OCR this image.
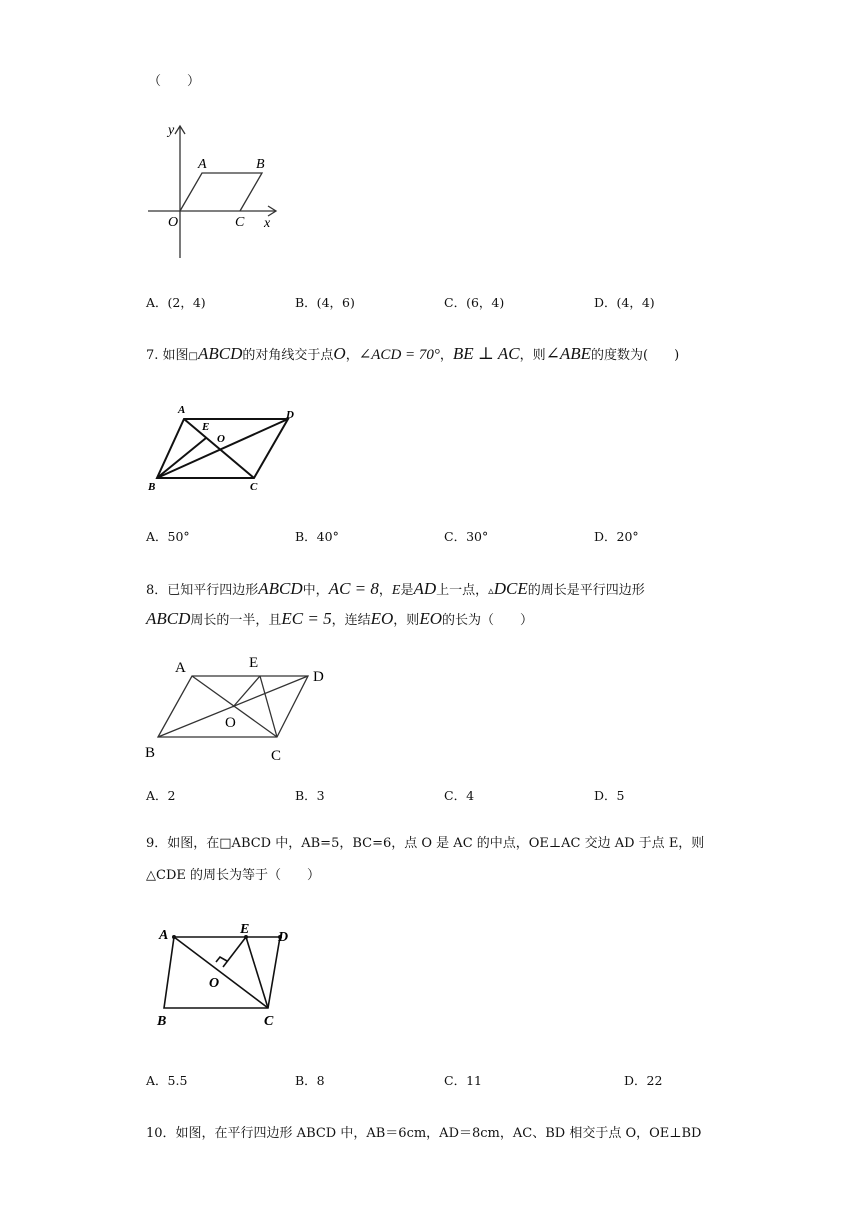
（　　）
y
A	B
O	C x
A．(2，4)	B．(4，6)	C．(6，4)	D．(4，4)
7. 如图□ABCD的对角线交于点O，∠ACD = 70°，BE ⊥ AC，则∠ABE的度数为(　　)
A
E
O
D
B	C
A．50°	B．40°	C．30°	D．20°
8．已知平行四边形ABCD中，AC = 8，E是AD上一点，▵DCE的周长是平行四边形
ABCD周长的一半，且EC = 5，连结EO，则EO的长为（　　）
A	E
D
O
B	C
A．2	B．3	C．4	D．5
9．如图，在□ABCD 中，AB=5，BC=6，点 O 是 AC 的中点，OE⊥AC 交边 AD 于点 E，则
△CDE 的周长为等于（　　）
A	E
D
O
B	C
A．5.5	B．8	C．11	D．22
10．如图，在平行四边形 ABCD 中，AB＝6cm，AD＝8cm，AC、BD 相交于点 O，OE⊥BD
